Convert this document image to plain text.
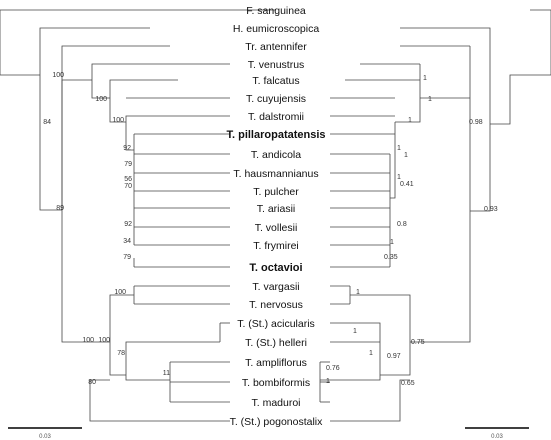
F. sanguinea
H. eumicroscopica
Tr. antennifer
T. venustrus
T. falcatus
T. cuyujensis
T. dalstromii
T. pillaropatatensis
T. andicola
T. hausmannianus
T. pulcher
T. ariasii
T. vollesii
T. frymirei
T. octavioi
T. vargasii
T. nervosus
T. (St.) acicularis
T. (St.) helleri
T. ampliflorus
T. bombiformis
T. maduroi
T. (St.) pogonostalix
100
84
100
100
92
79
56
70
92
34
79
89
100
100
100
78
80
11
1
1
1	0.98
1
1
1
0.41
0.8
1
0.35
1
0.93
1
1
0.75
0.97
0.76
1	0.65
0.03	0.03
